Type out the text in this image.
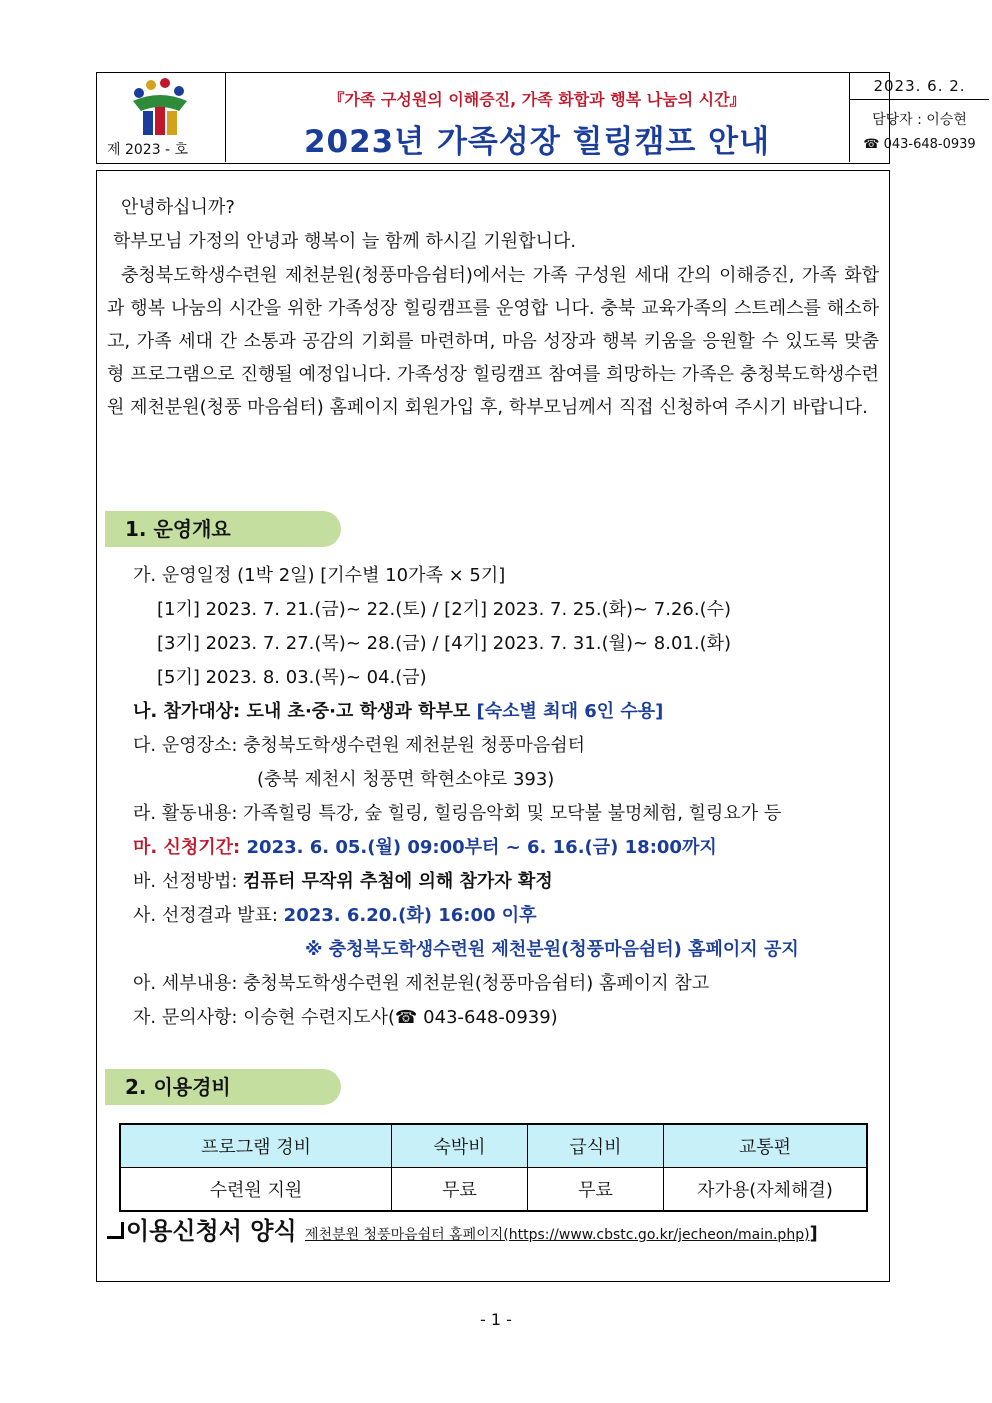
제 2023 - 호
『가족 구성원의 이해증진, 가족 화합과 행복 나눔의 시간』
2023년 가족성장 힐링캠프 안내
2023. 6. 2.
담당자 : 이승현
☎ 043-648-0939
안녕하십니까?
학부모님 가정의 안녕과 행복이 늘 함께 하시길 기원합니다.
충청북도학생수련원 제천분원(청풍마음쉼터)에서는 가족 구성원 세대 간의 이해증진, 가족 화합과 행복 나눔의 시간을 위한 가족성장 힐링캠프를 운영합 니다. 충북 교육가족의 스트레스를 해소하고, 가족 세대 간 소통과 공감의 기회를 마련하며, 마음 성장과 행복 키움을 응원할 수 있도록 맞춤형 프로그램으로 진행될 예정입니다. 가족성장 힐링캠프 참여를 희망하는 가족은 충청북도학생수련원 제천분원(청풍 마음쉼터) 홈페이지 회원가입 후, 학부모님께서 직접 신청하여 주시기 바랍니다.
1. 운영개요
가. 운영일정 (1박 2일) [기수별 10가족 × 5기]
[1기] 2023. 7. 21.(금)~ 22.(토) / [2기] 2023. 7. 25.(화)~ 7.26.(수)
[3기] 2023. 7. 27.(목)~ 28.(금) / [4기] 2023. 7. 31.(월)~ 8.01.(화)
[5기] 2023. 8. 03.(목)~ 04.(금)
나. 참가대상: 도내 초·중·고 학생과 학부모 [숙소별 최대 6인 수용]
다. 운영장소: 충청북도학생수련원 제천분원 청풍마음쉼터
(충북 제천시 청풍면 학현소야로 393)
라. 활동내용: 가족힐링 특강, 숲 힐링, 힐링음악회 및 모닥불 불멍체험, 힐링요가 등
마. 신청기간: 2023. 6. 05.(월) 09:00부터 ~ 6. 16.(금) 18:00까지
바. 선정방법: 컴퓨터 무작위 추첨에 의해 참가자 확정
사. 선정결과 발표: 2023. 6.20.(화) 16:00 이후
※ 충청북도학생수련원 제천분원(청풍마음쉼터) 홈페이지 공지
아. 세부내용: 충청북도학생수련원 제천분원(청풍마음쉼터) 홈페이지 참고
자. 문의사항: 이승현 수련지도사(☎ 043-648-0939)
2. 이용경비
프로그램 경비	숙박비	급식비	교통편
수련원 지원	무료	무료	자가용(자체해결)
이용신청서 양식 제천분원 청풍마음쉼터 홈페이지(https://www.cbstc.go.kr/jecheon/main.php)]
- 1 -
